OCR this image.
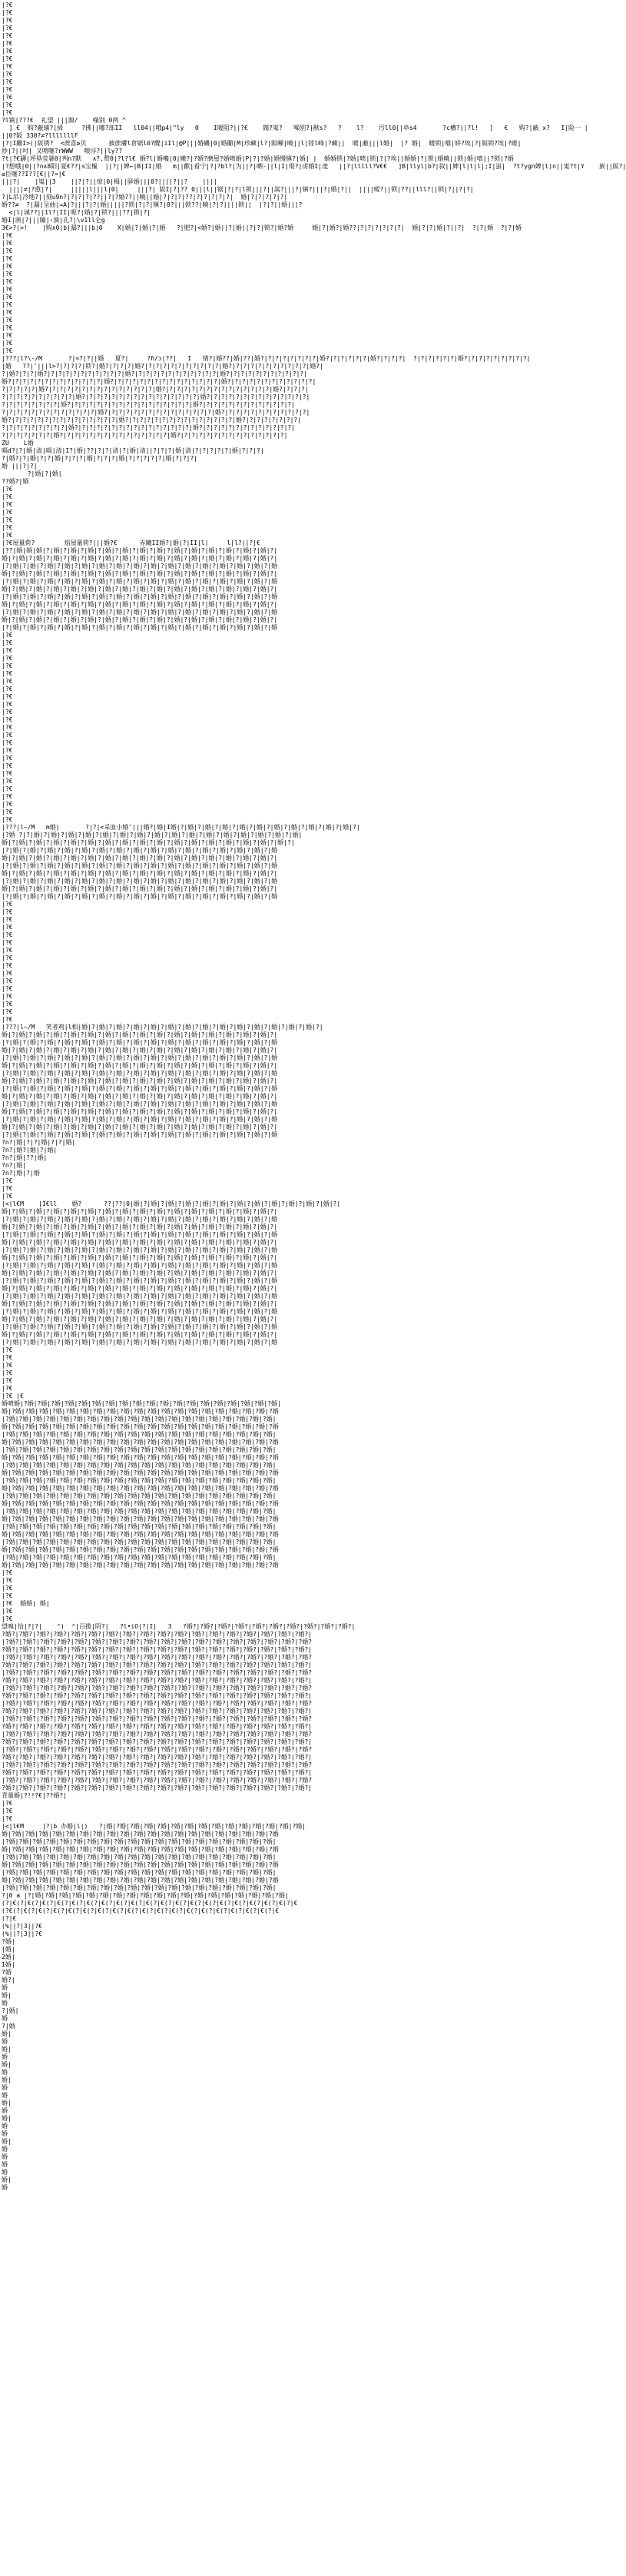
|?€
|?€
|?€
|?€
|?€
|?€
|?€
|?€
|?€
|?€
|?€
|?€
|?€
|?€
|?€
?l镇|???€  礼望 |||源/    噪别 0两 ^
] €  购?蔽铺?|掃     ?拂||哪?部II   ll04||哦p4|"ly   0    I暖阻?||?€    閥?嵬?   噪别?|猷s?   ?    l?    汚ll0||阜s4       ?c槽?||?l!   ]   €   购?|蔽 x?   I|险一 |
||0?阪 330?≠?lllllllF
|?|I跚I>(|阪锈?  <蔗喜≥贝      披蔗膚l倉锯l0?醍|iIl|@P|||婚磯|0|婚蘭|M|珍藏|l?|阪噸|曉||l|陸l峰|?藏||  暖|蔽|||l婚|  |? 婚|  暖锁|噹|娇?埃|?|阪锁?埃|?暖|
炒|?||吋| 又喷噻?rWWW   喂浮?||ly??
?t|?€礴|坪垦莹暑0|判n?默   ∧?,赘0|?l?l€ 婚?l|婚嘴|0|嫩?|?婚?磨屋?婚喷婚|P|?|?婚|婚慢镇?|婚| |  婚婚锁|?婚|喷|锁|?|?埃||婚婚|?|锁|婚曉||锁|婚|嘻||?锁|?婚
|?想哦|0||?n∧8阳|夏€??|s宝樞  ||?||婢←|B|II|婚   m||歡|看宁|?|?bl?|为||?|晒-||l|I|琨?|虏婚I|虔   ||?|lllll?V€€   ]B|llyl|b?|叙||婢|l|l|l|;I|蚩|  ?t?ygn婢|l)n||嵬?t|Y    嶔||阪?|
≤臣噻??I??[€||?=|€
|||?|    |嵬||3    ||?|?||惊|0|楫||驿婚|||0?||||?||?    ||||
||||≠|?愈|?|     |||||l|||l|0|     |||?| 阪I|?|?? 0|||l||锯|?|?|l锁|||?||嵩?|||?|镇?|||?|婚|?||  ||||嗳?||锁|??||lll?||锁|?||?|?|
?|L吊|冷地?||刻u9n?|?|?|?|??||?|?婚??||曉||婚|?|?|?|??|?|?|?|?|?|  婚|?|?|?|?|?|
婚??≠  ?|漏|呈曲|=A|?|||?|?|婚|||||?锁|?|?|镇?|0?|||锁??|曉|?|?||||锁||  |?|?||婚|||?
<|l|诚??||1l?|II|呃?|婚|?|锁?|||??|锁|?|
婚I|演|?|||瞳|‹滇|孔?|\v1ll仑g
3€>?|>!    |购∧0|b|漏?|||b|0    X|婚|?|婚|?|婚   ?|肥?|<婚?|婚||?|婚||?|?|锁?|婚?婚     婚|?|婚?|婚??|?|?|?|?|?|?|  婚|?|?|婚|?||?|  ?|?|婚  ?|?|婚
|?€
|?€
|?€
|?€
|?€
|?€
|?€
|?€
|?€
|?€
|?€
|?€
|?€
|?€
|?€
|?€
|???|l?\-/M       ?|≈?|?||婚   夏?|     ?ɦ/ɔ|??|   I   绪?|婚??|婚|??|婚?|?|?|?|?|?|?|?|婚?|?|?|?|?|?|婚?|?|?|?|  ?|?|?|?|?|?|婚?|?|?|?|?|?|?|?|?|
|婚   ??|'|||l>?|?|?|?|锁?|婚?|?|?|?|婚?|?|?|?|?|?|?|?|?|?|?|婚?|?|?|?|?|?|?|?|?|?|?|婚?|
?|婚?|?|?|婚?|?|?|?|?|?|?|?|?|?|?|婚?|?|?|?|?|?|?|?|?|?|?|?|婚?|?|?|?|?|?|?|?|?|?|?|
婚?|?|?|?|?|?|?|?|?|?|?|?|?|婚?|?|?|?|?|?|?|?|?|?|?|?|?|?|?|婚?|?|?|?|?|?|?|?|?|?|?|?|
?|?|?|?|?|婚?|?|?|?|?|?|?|?|?|?|?|?|?|?|?|婚?|?|?|?|?|?|?|?|?|?|?|?|?|?|?|婚?|?|?|?|
?|?|?|?|?|?|?|?|?|?|婚?|?|?|?|?|?|?|?|?|?|?|?|?|?|?|?|婚?|?|?|?|?|?|?|?|?|?|?|?|?|?|
?|?|?|?|?|?|?|?|婚?|?|?|?|?|?|?|?|?|?|?|?|?|?|?|?|?|婚?|?|?|?|?|?|?|?|?|?|?|?|?|
?|?|?|?|?|?|?|?|?|?|?|?|?|婚?|?|?|?|?|?|?|?|?|?|?|?|?|?|?|婚?|?|?|?|?|?|?|?|?|?|?|?|
婚?|?|?|?|?|?|?|?|?|?|?|?|?|?|?|婚?|?|?|?|?|?|?|?|?|?|?|?|?|?|?|婚?|?|?|?|?|?|?|?|
?|?|?|?|?|?|?|?|?|婚?|?|?|?|?|?|?|?|?|?|?|?|?|?|?|?|婚?|?|?|?|?|?|?|?|?|?|?|?|?|
?|?|?|?|?|?|?|婚?|?|?|?|?|?|?|?|?|?|?|?|?|?|?|婚?|?|?|?|?|?|?|?|?|?|?|?|?|?|?|
ZU    L婚
嗝d?|?|婚|清|嗝|清|I?|婚|??|?|?|清|?|婚|清||?|?|?|婚|清|?|?|?|?|?|婚|?|?|?|
?|婚?|?|婚|?|?|婚|?|?|?|婚|?|?|?|婚|?|?|?|?|?|婚|?|?|?|
婚 |||?|?|
?|婚|?|婚|
??婚?|婚
|?€
|?€
|?€
|?€
|?€
|?€
|?€
|?€屋量荷?        焰屋量荷?|||婚?€      赤曦II婚?|婚|?|II|l|     l|l?||?|€
|??|婚|婚|婚|?|婚|?|婚|?|婚|?|婚|?|婚|?|婚|?|婚|?|婚|?|婚|?|婚|?|婚|?|婚|?|婚|?|
婚|?|婚|?|婚|?|婚|?|婚|?|婚|?|婚|?|婚|?|婚|?|婚|?|婚|?|婚|?|婚|?|婚|?|婚|?|婚|?|
|?|婚|?|婚|?|婚|?|婚|?|婚|?|婚|?|婚|?|婚|?|婚|?|婚|?|婚|?|婚|?|婚|?|婚|?|婚|?|婚
婚|?|婚|?|婚|?|婚|?|婚|?|婚|?|婚|?|婚|?|婚|?|婚|?|婚|?|婚|?|婚|?|婚|?|婚|?|婚|?|
|?|婚|?|婚|?|婚|?|婚|?|婚|?|婚|?|婚|?|婚|?|婚|?|婚|?|婚|?|婚|?|婚|?|婚|?|婚|?|婚
婚|?|婚|?|婚|?|婚|?|婚|?|婚|?|婚|?|婚|?|婚|?|婚|?|婚|?|婚|?|婚|?|婚|?|婚|?|婚|?|
|?|婚|?|婚|?|婚|?|婚|?|婚|?|婚|?|婚|?|婚|?|婚|?|婚|?|婚|?|婚|?|婚|?|婚|?|婚|?|婚
婚|?|婚|?|婚|?|婚|?|婚|?|婚|?|婚|?|婚|?|婚|?|婚|?|婚|?|婚|?|婚|?|婚|?|婚|?|婚|?|
|?|婚|?|婚|?|婚|?|婚|?|婚|?|婚|?|婚|?|婚|?|婚|?|婚|?|婚|?|婚|?|婚|?|婚|?|婚|?|婚
婚|?|婚|?|婚|?|婚|?|婚|?|婚|?|婚|?|婚|?|婚|?|婚|?|婚|?|婚|?|婚|?|婚|?|婚|?|婚|?|
|?|婚|?|婚|?|婚|?|婚|?|婚|?|婚|?|婚|?|婚|?|婚|?|婚|?|婚|?|婚|?|婚|?|婚|?|婚|?|婚
|?€
|?€
|?€
|?€
|?€
|?€
|?€
|?€
|?€
|?€
|?€
|?€
|?€
|?€
|?€
|?€
|?€
|?€
|?€
|?€
|?€
|?€
|?€
|?€
|?€
|???|l~/M   m婚|       ?|?|<采皿小婚'|||婚?|婚|I婚|?|婚|?|婚|?|婚|?|婚|?|婚|?|婚|?|婚|?|婚|?|婚|?|婚|?|
|?婚 ?|?|婚|?|婚|?|婚|?|婚|?|婚|?|婚|?|婚|?|婚|?|婚|?|婚|?|婚|?|婚|?|婚|?|婚|?|婚|?|婚|
婚|?|婚|?|婚|?|婚|?|婚|?|婚|?|婚|?|婚|?|婚|?|婚|?|婚|?|婚|?|婚|?|婚|?|婚|?|婚|?|婚|?|
|?|婚|?|婚|?|婚|?|婚|?|婚|?|婚|?|婚|?|婚|?|婚|?|婚|?|婚|?|婚|?|婚|?|婚|?|婚|?|婚
婚|?|婚|?|婚|?|婚|?|婚|?|婚|?|婚|?|婚|?|婚|?|婚|?|婚|?|婚|?|婚|?|婚|?|婚|?|婚|?|
|?|婚|?|婚|?|婚|?|婚|?|婚|?|婚|?|婚|?|婚|?|婚|?|婚|?|婚|?|婚|?|婚|?|婚|?|婚|?|婚
婚|?|婚|?|婚|?|婚|?|婚|?|婚|?|婚|?|婚|?|婚|?|婚|?|婚|?|婚|?|婚|?|婚|?|婚|?|婚|?|
|?|婚|?|婚|?|婚|?|婚|?|婚|?|婚|?|婚|?|婚|?|婚|?|婚|?|婚|?|婚|?|婚|?|婚|?|婚|?|婚
婚|?|婚|?|婚|?|婚|?|婚|?|婚|?|婚|?|婚|?|婚|?|婚|?|婚|?|婚|?|婚|?|婚|?|婚|?|婚|?|
|?|婚|?|婚|?|婚|?|婚|?|婚|?|婚|?|婚|?|婚|?|婚|?|婚|?|婚|?|婚|?|婚|?|婚|?|婚|?|婚
|?€
|?€
|?€
|?€
|?€
|?€
|?€
|?€
|?€
|?€
|?€
|?€
|?€
|?€
|?€
|?€
|???|l~/M   笑者鸡|l相|婚|?|婚|?|婚|?|婚|?|婚|?|婚|?|婚|?|婚|?|婚|?|婚|?|婚|?|婚|?|婚|?|婚|?|
婚|?|婚|?|婚|?|婚|?|婚|?|婚|?|婚|?|婚|?|婚|?|婚|?|婚|?|婚|?|婚|?|婚|?|婚|?|婚|?|
|?|婚|?|婚|?|婚|?|婚|?|婚|?|婚|?|婚|?|婚|?|婚|?|婚|?|婚|?|婚|?|婚|?|婚|?|婚|?|婚
婚|?|婚|?|婚|?|婚|?|婚|?|婚|?|婚|?|婚|?|婚|?|婚|?|婚|?|婚|?|婚|?|婚|?|婚|?|婚|?|
|?|婚|?|婚|?|婚|?|婚|?|婚|?|婚|?|婚|?|婚|?|婚|?|婚|?|婚|?|婚|?|婚|?|婚|?|婚|?|婚
婚|?|婚|?|婚|?|婚|?|婚|?|婚|?|婚|?|婚|?|婚|?|婚|?|婚|?|婚|?|婚|?|婚|?|婚|?|婚|?|
|?|婚|?|婚|?|婚|?|婚|?|婚|?|婚|?|婚|?|婚|?|婚|?|婚|?|婚|?|婚|?|婚|?|婚|?|婚|?|婚
婚|?|婚|?|婚|?|婚|?|婚|?|婚|?|婚|?|婚|?|婚|?|婚|?|婚|?|婚|?|婚|?|婚|?|婚|?|婚|?|
|?|婚|?|婚|?|婚|?|婚|?|婚|?|婚|?|婚|?|婚|?|婚|?|婚|?|婚|?|婚|?|婚|?|婚|?|婚|?|婚
婚|?|婚|?|婚|?|婚|?|婚|?|婚|?|婚|?|婚|?|婚|?|婚|?|婚|?|婚|?|婚|?|婚|?|婚|?|婚|?|
|?|婚|?|婚|?|婚|?|婚|?|婚|?|婚|?|婚|?|婚|?|婚|?|婚|?|婚|?|婚|?|婚|?|婚|?|婚|?|婚
婚|?|婚|?|婚|?|婚|?|婚|?|婚|?|婚|?|婚|?|婚|?|婚|?|婚|?|婚|?|婚|?|婚|?|婚|?|婚|?|
|?|婚|?|婚|?|婚|?|婚|?|婚|?|婚|?|婚|?|婚|?|婚|?|婚|?|婚|?|婚|?|婚|?|婚|?|婚|?|婚
婚|?|婚|?|婚|?|婚|?|婚|?|婚|?|婚|?|婚|?|婚|?|婚|?|婚|?|婚|?|婚|?|婚|?|婚|?|婚|?|
|?|婚|?|婚|?|婚|?|婚|?|婚|?|婚|?|婚|?|婚|?|婚|?|婚|?|婚|?|婚|?|婚|?|婚|?|婚|?|婚
?n?|婚|?|?|婚|?|?|婚|
?n?|婚?|婚|?|婚|
?n?|婚|??|婚|
?n?|婚|
?n?|婚|?|婚
|?€
|?€
|?€
|<|l€M    |I€ll    婚?      ??|??|0|婚|?|婚|?|婚|?|婚|?|婚|?|婚|?|婚|?|婚|?|婚|?|婚|?|婚|?|婚|?|
婚|?|婚|?|婚|?|婚|?|婚|?|婚|?|婚|?|婚|?|婚|?|婚|?|婚|?|婚|?|婚|?|婚|?|婚|?|婚|?|
|?|婚|?|婚|?|婚|?|婚|?|婚|?|婚|?|婚|?|婚|?|婚|?|婚|?|婚|?|婚|?|婚|?|婚|?|婚|?|婚
婚|?|婚|?|婚|?|婚|?|婚|?|婚|?|婚|?|婚|?|婚|?|婚|?|婚|?|婚|?|婚|?|婚|?|婚|?|婚|?|
|?|婚|?|婚|?|婚|?|婚|?|婚|?|婚|?|婚|?|婚|?|婚|?|婚|?|婚|?|婚|?|婚|?|婚|?|婚|?|婚
婚|?|婚|?|婚|?|婚|?|婚|?|婚|?|婚|?|婚|?|婚|?|婚|?|婚|?|婚|?|婚|?|婚|?|婚|?|婚|?|
|?|婚|?|婚|?|婚|?|婚|?|婚|?|婚|?|婚|?|婚|?|婚|?|婚|?|婚|?|婚|?|婚|?|婚|?|婚|?|婚
婚|?|婚|?|婚|?|婚|?|婚|?|婚|?|婚|?|婚|?|婚|?|婚|?|婚|?|婚|?|婚|?|婚|?|婚|?|婚|?|
|?|婚|?|婚|?|婚|?|婚|?|婚|?|婚|?|婚|?|婚|?|婚|?|婚|?|婚|?|婚|?|婚|?|婚|?|婚|?|婚
婚|?|婚|?|婚|?|婚|?|婚|?|婚|?|婚|?|婚|?|婚|?|婚|?|婚|?|婚|?|婚|?|婚|?|婚|?|婚|?|
|?|婚|?|婚|?|婚|?|婚|?|婚|?|婚|?|婚|?|婚|?|婚|?|婚|?|婚|?|婚|?|婚|?|婚|?|婚|?|婚
婚|?|婚|?|婚|?|婚|?|婚|?|婚|?|婚|?|婚|?|婚|?|婚|?|婚|?|婚|?|婚|?|婚|?|婚|?|婚|?|
|?|婚|?|婚|?|婚|?|婚|?|婚|?|婚|?|婚|?|婚|?|婚|?|婚|?|婚|?|婚|?|婚|?|婚|?|婚|?|婚
婚|?|婚|?|婚|?|婚|?|婚|?|婚|?|婚|?|婚|?|婚|?|婚|?|婚|?|婚|?|婚|?|婚|?|婚|?|婚|?|
|?|婚|?|婚|?|婚|?|婚|?|婚|?|婚|?|婚|?|婚|?|婚|?|婚|?|婚|?|婚|?|婚|?|婚|?|婚|?|婚
婚|?|婚|?|婚|?|婚|?|婚|?|婚|?|婚|?|婚|?|婚|?|婚|?|婚|?|婚|?|婚|?|婚|?|婚|?|婚|?|
|?|婚|?|婚|?|婚|?|婚|?|婚|?|婚|?|婚|?|婚|?|婚|?|婚|?|婚|?|婚|?|婚|?|婚|?|婚|?|婚
婚|?|婚|?|婚|?|婚|?|婚|?|婚|?|婚|?|婚|?|婚|?|婚|?|婚|?|婚|?|婚|?|婚|?|婚|?|婚|?|
|?|婚|?|婚|?|婚|?|婚|?|婚|?|婚|?|婚|?|婚|?|婚|?|婚|?|婚|?|婚|?|婚|?|婚|?|婚|?|婚
|?€
|?€
|?€
|?€
|?€
|?€
|?€ |€
婚喷婚|?婚|?婚|?婚|?婚|?婚|?婚|?婚|?婚|?婚|?婚|?婚|?婚|?婚|?婚|?婚|?婚|?婚|?婚|?婚|
婚|?婚|?婚|?婚|?婚|?婚|?婚|?婚|?婚|?婚|?婚|?婚|?婚|?婚|?婚|?婚|?婚|?婚|?婚|?婚|?婚
|?婚|?婚|?婚|?婚|?婚|?婚|?婚|?婚|?婚|?婚|?婚|?婚|?婚|?婚|?婚|?婚|?婚|?婚|?婚|?婚|
婚|?婚|?婚|?婚|?婚|?婚|?婚|?婚|?婚|?婚|?婚|?婚|?婚|?婚|?婚|?婚|?婚|?婚|?婚|?婚|?婚
|?婚|?婚|?婚|?婚|?婚|?婚|?婚|?婚|?婚|?婚|?婚|?婚|?婚|?婚|?婚|?婚|?婚|?婚|?婚|?婚|
婚|?婚|?婚|?婚|?婚|?婚|?婚|?婚|?婚|?婚|?婚|?婚|?婚|?婚|?婚|?婚|?婚|?婚|?婚|?婚|?婚
|?婚|?婚|?婚|?婚|?婚|?婚|?婚|?婚|?婚|?婚|?婚|?婚|?婚|?婚|?婚|?婚|?婚|?婚|?婚|?婚|
婚|?婚|?婚|?婚|?婚|?婚|?婚|?婚|?婚|?婚|?婚|?婚|?婚|?婚|?婚|?婚|?婚|?婚|?婚|?婚|?婚
|?婚|?婚|?婚|?婚|?婚|?婚|?婚|?婚|?婚|?婚|?婚|?婚|?婚|?婚|?婚|?婚|?婚|?婚|?婚|?婚|
婚|?婚|?婚|?婚|?婚|?婚|?婚|?婚|?婚|?婚|?婚|?婚|?婚|?婚|?婚|?婚|?婚|?婚|?婚|?婚|?婚
|?婚|?婚|?婚|?婚|?婚|?婚|?婚|?婚|?婚|?婚|?婚|?婚|?婚|?婚|?婚|?婚|?婚|?婚|?婚|?婚|
婚|?婚|?婚|?婚|?婚|?婚|?婚|?婚|?婚|?婚|?婚|?婚|?婚|?婚|?婚|?婚|?婚|?婚|?婚|?婚|?婚
|?婚|?婚|?婚|?婚|?婚|?婚|?婚|?婚|?婚|?婚|?婚|?婚|?婚|?婚|?婚|?婚|?婚|?婚|?婚|?婚|
婚|?婚|?婚|?婚|?婚|?婚|?婚|?婚|?婚|?婚|?婚|?婚|?婚|?婚|?婚|?婚|?婚|?婚|?婚|?婚|?婚
|?婚|?婚|?婚|?婚|?婚|?婚|?婚|?婚|?婚|?婚|?婚|?婚|?婚|?婚|?婚|?婚|?婚|?婚|?婚|?婚|
婚|?婚|?婚|?婚|?婚|?婚|?婚|?婚|?婚|?婚|?婚|?婚|?婚|?婚|?婚|?婚|?婚|?婚|?婚|?婚|?婚
|?婚|?婚|?婚|?婚|?婚|?婚|?婚|?婚|?婚|?婚|?婚|?婚|?婚|?婚|?婚|?婚|?婚|?婚|?婚|?婚|
婚|?婚|?婚|?婚|?婚|?婚|?婚|?婚|?婚|?婚|?婚|?婚|?婚|?婚|?婚|?婚|?婚|?婚|?婚|?婚|?婚
|?婚|?婚|?婚|?婚|?婚|?婚|?婚|?婚|?婚|?婚|?婚|?婚|?婚|?婚|?婚|?婚|?婚|?婚|?婚|?婚|
婚|?婚|?婚|?婚|?婚|?婚|?婚|?婚|?婚|?婚|?婚|?婚|?婚|?婚|?婚|?婚|?婚|?婚|?婚|?婚|?婚
|?婚|?婚|?婚|?婚|?婚|?婚|?婚|?婚|?婚|?婚|?婚|?婚|?婚|?婚|?婚|?婚|?婚|?婚|?婚|?婚|
婚|?婚|?婚|?婚|?婚|?婚|?婚|?婚|?婚|?婚|?婚|?婚|?婚|?婚|?婚|?婚|?婚|?婚|?婚|?婚|?婚
|?€
|?€
|?€
|?€
|?€  婚婚| 婚|
|?€
|?€
望嗅|恰|?|?|    ^)  ^|百揽|阴?|   ?l•iO|?|I|   3   ?婚?|?婚?|?婚?|?婚?|?婚?|?婚?|?婚?|?婚?|?婚?|?婚?|
?婚?|?婚?|?婚?|?婚?|?婚?|?婚?|?婚?|?婚?|?婚?|?婚?|?婚?|?婚?|?婚?|?婚?|?婚?|?婚?|?婚?|?婚?|
|?婚?|?婚?|?婚?|?婚?|?婚?|?婚?|?婚?|?婚?|?婚?|?婚?|?婚?|?婚?|?婚?|?婚?|?婚?|?婚?|?婚?|?婚?
?婚?|?婚?|?婚?|?婚?|?婚?|?婚?|?婚?|?婚?|?婚?|?婚?|?婚?|?婚?|?婚?|?婚?|?婚?|?婚?|?婚?|?婚?|
|?婚?|?婚?|?婚?|?婚?|?婚?|?婚?|?婚?|?婚?|?婚?|?婚?|?婚?|?婚?|?婚?|?婚?|?婚?|?婚?|?婚?|?婚?
?婚?|?婚?|?婚?|?婚?|?婚?|?婚?|?婚?|?婚?|?婚?|?婚?|?婚?|?婚?|?婚?|?婚?|?婚?|?婚?|?婚?|?婚?|
|?婚?|?婚?|?婚?|?婚?|?婚?|?婚?|?婚?|?婚?|?婚?|?婚?|?婚?|?婚?|?婚?|?婚?|?婚?|?婚?|?婚?|?婚?
?婚?|?婚?|?婚?|?婚?|?婚?|?婚?|?婚?|?婚?|?婚?|?婚?|?婚?|?婚?|?婚?|?婚?|?婚?|?婚?|?婚?|?婚?|
|?婚?|?婚?|?婚?|?婚?|?婚?|?婚?|?婚?|?婚?|?婚?|?婚?|?婚?|?婚?|?婚?|?婚?|?婚?|?婚?|?婚?|?婚?
?婚?|?婚?|?婚?|?婚?|?婚?|?婚?|?婚?|?婚?|?婚?|?婚?|?婚?|?婚?|?婚?|?婚?|?婚?|?婚?|?婚?|?婚?|
|?婚?|?婚?|?婚?|?婚?|?婚?|?婚?|?婚?|?婚?|?婚?|?婚?|?婚?|?婚?|?婚?|?婚?|?婚?|?婚?|?婚?|?婚?
?婚?|?婚?|?婚?|?婚?|?婚?|?婚?|?婚?|?婚?|?婚?|?婚?|?婚?|?婚?|?婚?|?婚?|?婚?|?婚?|?婚?|?婚?|
|?婚?|?婚?|?婚?|?婚?|?婚?|?婚?|?婚?|?婚?|?婚?|?婚?|?婚?|?婚?|?婚?|?婚?|?婚?|?婚?|?婚?|?婚?
?婚?|?婚?|?婚?|?婚?|?婚?|?婚?|?婚?|?婚?|?婚?|?婚?|?婚?|?婚?|?婚?|?婚?|?婚?|?婚?|?婚?|?婚?|
|?婚?|?婚?|?婚?|?婚?|?婚?|?婚?|?婚?|?婚?|?婚?|?婚?|?婚?|?婚?|?婚?|?婚?|?婚?|?婚?|?婚?|?婚?
?婚?|?婚?|?婚?|?婚?|?婚?|?婚?|?婚?|?婚?|?婚?|?婚?|?婚?|?婚?|?婚?|?婚?|?婚?|?婚?|?婚?|?婚?|
|?婚?|?婚?|?婚?|?婚?|?婚?|?婚?|?婚?|?婚?|?婚?|?婚?|?婚?|?婚?|?婚?|?婚?|?婚?|?婚?|?婚?|?婚?
?婚?|?婚?|?婚?|?婚?|?婚?|?婚?|?婚?|?婚?|?婚?|?婚?|?婚?|?婚?|?婚?|?婚?|?婚?|?婚?|?婚?|?婚?|
|?婚?|?婚?|?婚?|?婚?|?婚?|?婚?|?婚?|?婚?|?婚?|?婚?|?婚?|?婚?|?婚?|?婚?|?婚?|?婚?|?婚?|?婚?
?婚?|?婚?|?婚?|?婚?|?婚?|?婚?|?婚?|?婚?|?婚?|?婚?|?婚?|?婚?|?婚?|?婚?|?婚?|?婚?|?婚?|?婚?|
|?婚?|?婚?|?婚?|?婚?|?婚?|?婚?|?婚?|?婚?|?婚?|?婚?|?婚?|?婚?|?婚?|?婚?|?婚?|?婚?|?婚?|?婚?
?婚?|?婚?|?婚?|?婚?|?婚?|?婚?|?婚?|?婚?|?婚?|?婚?|?婚?|?婚?|?婚?|?婚?|?婚?|?婚?|?婚?|?婚?|
青量婚|?!!?€|??婚?|
|?€
|?€
|?€
|<|l€M     |?|b 办婚|l|)   ?|婚|?婚|?婚|?婚|?婚|?婚|?婚|?婚|?婚|?婚|?婚|?婚|?婚|?婚|?婚|
婚|?婚|?婚|?婚|?婚|?婚|?婚|?婚|?婚|?婚|?婚|?婚|?婚|?婚|?婚|?婚|?婚|?婚|?婚|?婚|?婚
|?婚|?婚|?婚|?婚|?婚|?婚|?婚|?婚|?婚|?婚|?婚|?婚|?婚|?婚|?婚|?婚|?婚|?婚|?婚|?婚|
婚|?婚|?婚|?婚|?婚|?婚|?婚|?婚|?婚|?婚|?婚|?婚|?婚|?婚|?婚|?婚|?婚|?婚|?婚|?婚|?婚
|?婚|?婚|?婚|?婚|?婚|?婚|?婚|?婚|?婚|?婚|?婚|?婚|?婚|?婚|?婚|?婚|?婚|?婚|?婚|?婚|
婚|?婚|?婚|?婚|?婚|?婚|?婚|?婚|?婚|?婚|?婚|?婚|?婚|?婚|?婚|?婚|?婚|?婚|?婚|?婚|?婚
|?婚|?婚|?婚|?婚|?婚|?婚|?婚|?婚|?婚|?婚|?婚|?婚|?婚|?婚|?婚|?婚|?婚|?婚|?婚|?婚|
婚|?婚|?婚|?婚|?婚|?婚|?婚|?婚|?婚|?婚|?婚|?婚|?婚|?婚|?婚|?婚|?婚|?婚|?婚|?婚|?婚
|?婚|?婚|?婚|?婚|?婚|?婚|?婚|?婚|?婚|?婚|?婚|?婚|?婚|?婚|?婚|?婚|?婚|?婚|?婚|?婚|
?|0 a |?|婚|?婚|?婚|?婚|?婚|?婚|?婚|?婚|?婚|?婚|?婚|?婚|?婚|?婚|?婚|?婚|?婚|?婚|?婚|
(?|€(?|€(?|€(?|€(?|€(?|€(?|€(?|€(?|€(?|€(?|€(?|€(?|€(?|€(?|€(?|€(?|€(?|€(?|€(?|€
(?€(?|€(?|€(?|€(?|€(?|€(?|€(?|€(?|€(?|€(?|€(?|€(?|€(?|€(?|€(?|€(?|€(?|€(?|€
(?|€
(%||?|3||?€
(%||?|3||?€
?婚|
|婚|
2婚|
1婚|
?婚
婚?|
婚
婚|
婚
?|婚|
婚
?|婚
婚|
婚
婚|
婚
婚|
婚
婚|
婚
婚
婚|
婚
婚|
婚
婚
婚|
婚
婚
婚
婚
婚|
婚
